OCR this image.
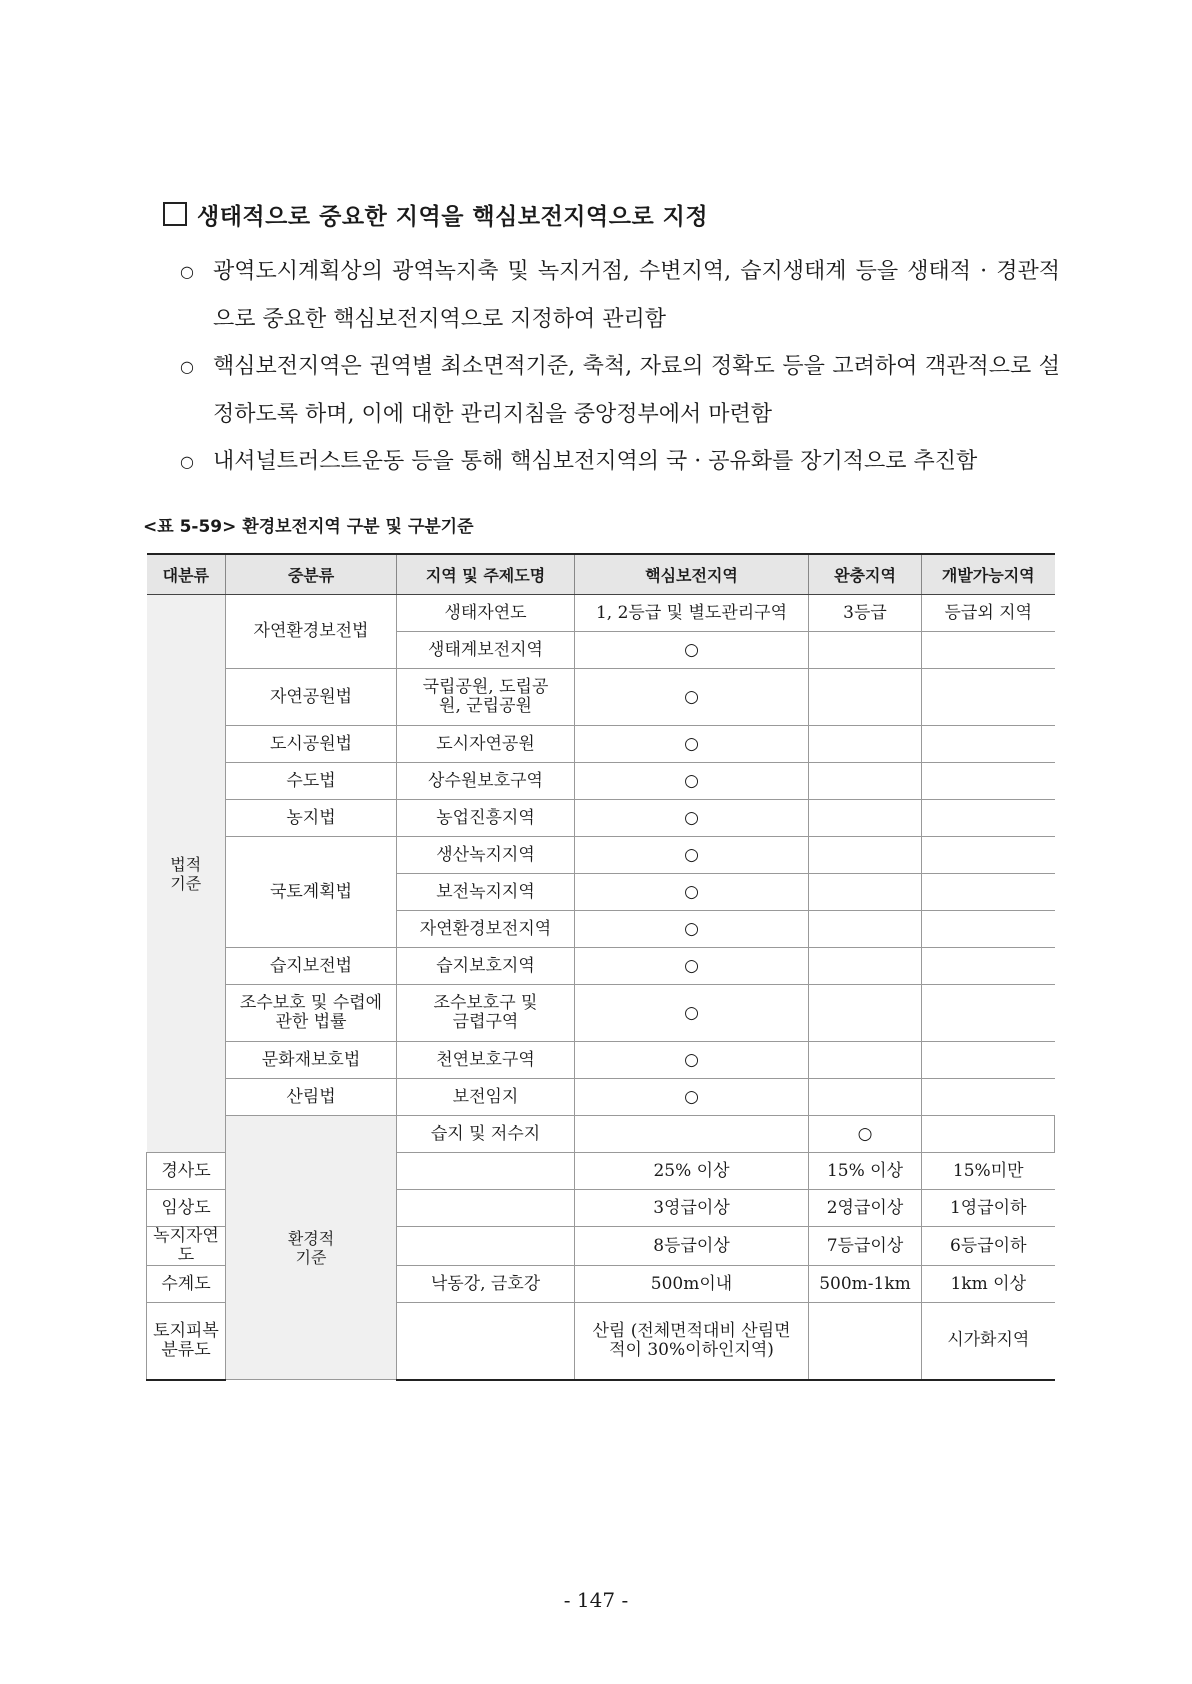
생태적으로 중요한 지역을 핵심보전지역으로 지정
○ 광역도시계획상의 광역녹지축 및 녹지거점, 수변지역, 습지생태계 등을 생태적 · 경관적으로 중요한 핵심보전지역으로 지정하여 관리함
○ 핵심보전지역은 권역별 최소면적기준, 축척, 자료의 정확도 등을 고려하여 객관적으로 설정하도록 하며, 이에 대한 관리지침을 중앙정부에서 마련함
○ 내셔널트러스트운동 등을 통해 핵심보전지역의 국 · 공유화를 장기적으로 추진함
<표 5-59> 환경보전지역 구분 및 구분기준
대분류	중분류	지역 및 주제도명	핵심보전지역	완충지역	개발가능지역	

법적 기준	자연환경보전법	생태자연도	1, 2등급 및 별도관리구역	3등급	등급외 지역	
		생태계보전지역	○			
	자연공원법	국립공원, 도립공원, 군립공원	○			
	도시공원법	도시자연공원	○			
	수도법	상수원보호구역	○			
	농지법	농업진흥지역	○			
	국토계획법	생산녹지지역	○			
		보전녹지지역	○			
		자연환경보전지역	○			
	습지보전법	습지보호지역	○			

	조수보호 및 수렵에 관한 법률	조수보호구 및 금렵구역	○			
	문화재보호법	천연보호구역	○			
	산림법	보전임지	○			

	환경적 기준	습지 및 저수지		○		
경사도			25% 이상	15% 이상	15%미만	
임상도			3영급이상	2영급이상	1영급이하	
녹지자연도			8등급이상	7등급이상	6등급이하	
수계도		낙동강, 금호강	500m이내	500m-1km	1km 이상	
토지피복분류도			산림 (전체면적대비 산림면적이 30%이하인지역)		시가화지역	
- 147 -
